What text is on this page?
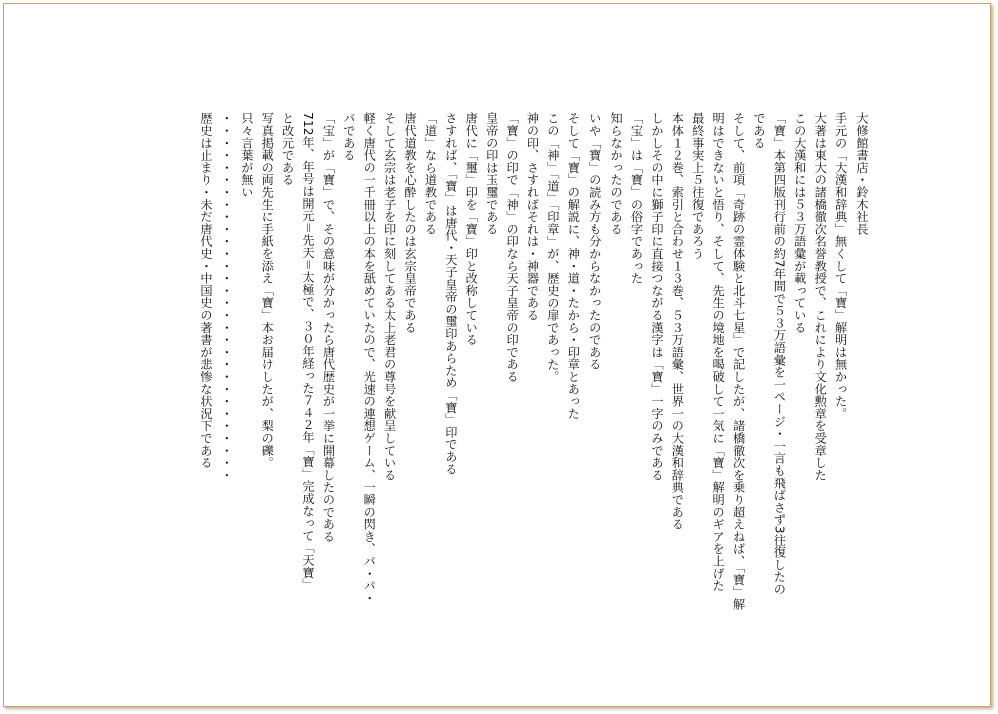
大修館書店・鈴木社長
手元の「大漢和辞典」無くして「寶」解明は無かった。
大著は東大の諸橋徹次名誉教授で、これにより文化勲章を受章した
この大漢和には５３万語彙が載っている
「寶」本第四版刊行前の約7年間で５３万語彙を一ページ・一言も飛ばさず3往復したの
である
そして、前項「奇跡の霊体験と北斗七星」で記したが、諸橋徹次を乗り超えねば、「寶」解
明はできないと悟り、そして、先生の境地を喝破して一気に「寶」解明のギアを上げた
最終事実上５往復であろう
本体１２巻、索引と合わせ１３巻、５３万語彙、世界一の大漢和辞典である
しかしその中に獅子印に直接つながる漢字は「寶」一字のみである
「宝」は「寶」の俗字であった
知らなかったのである
いや「寶」の読み方も分からなかったのである
そして「寶」の解説に、神・道・たから・印章とあった
この「神」「道」「印章」が、歴史の扉であった。
神の印、さすればそれは・神器である
「寶」の印で「神」の印なら天子皇帝の印である
皇帝の印は玉璽である
唐代に「璽」印を「寶」印と改称している
さすれば、「寶」は唐代・天子皇帝の璽印あらため「寶」印である
「道」なら道教である
唐代道教を心酔したのは玄宗皇帝である
そして玄宗は老子を印に刻してある太上老君の尊号を献呈している
軽く唐代の一千冊以上の本を舐めていたので、光速の連想ゲーム、一瞬の閃き、パ・パ・
パである
「宝」が「寶」で、その意味が分かったら唐代歴史が一挙に開幕したのである
712年、年号は開元＝先天＝太極で、３０年経った７４２年「寶」完成なって「天寶」
と改元である
写真掲載の両先生に手紙を添え「寶」本お届けしたが、梨の礫。
只々言葉が無い
・・・・・・・・・・・・・・・・・・・・・・・・・・・・・・
歴史は止まり・未だ唐代史・中国史の著書が悲惨な状況下である
